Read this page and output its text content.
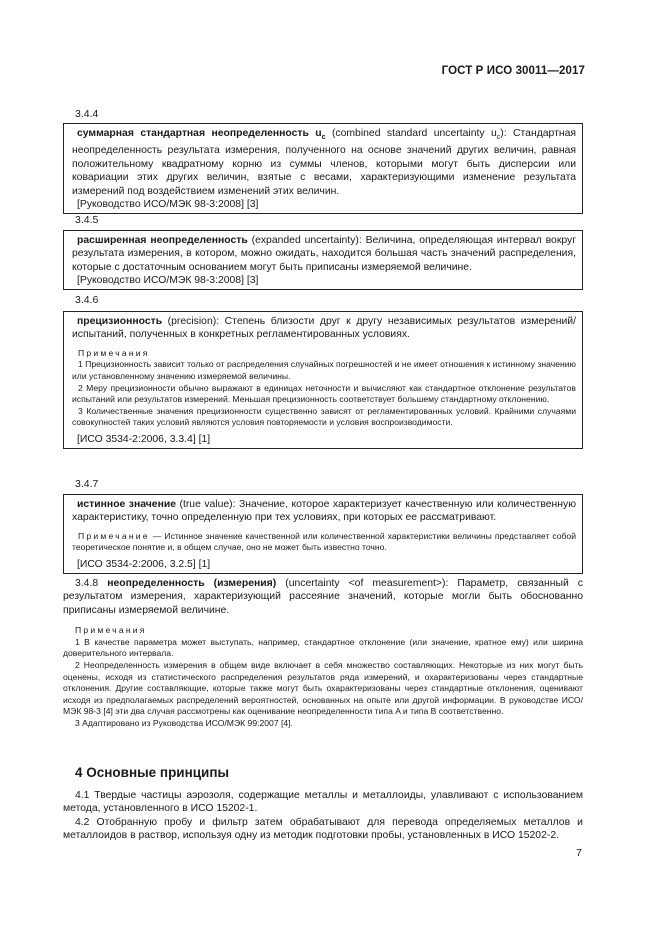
ГОСТ Р ИСО 30011—2017
3.4.4

суммарная стандартная неопределенность $u_c$ (combined standard uncertainty $u_c$): Стандартная неопределенность результата измерения, полученного на основе значений других величин, равная положительному квадратному корню из суммы членов, которыми могут быть дисперсии или ковариации этих других величин, взятые с весами, характеризующими изменение результата измерений под воздействием изменений этих величин.

[Руководство ИСО/МЭК 98-3:2008] [3]

3.4.5

расширенная неопределенность (expanded uncertainty): Величина, определяющая интервал вокруг результата измерения, в котором, можно ожидать, находится большая часть значений распределения, которые с достаточным основанием могут быть приписаны измеряемой величине.

[Руководство ИСО/МЭК 98-3:2008] [3]

3.4.6

прецизионность (precision): Степень близости друг к другу независимых результатов измерений/испытаний, полученных в конкретных регламентированных условиях.

Примечания

1 Прецизионность зависит только от распределения случайных погрешностей и не имеет отношения к истинному значению или установленному значению измеряемой величины.

2 Меру прецизионности обычно выражают в единицах неточности и вычисляют как стандартное отклонение результатов испытаний или результатов измерений. Меньшая прецизионность соответствует большему стандартному отклонению.

3 Количественные значения прецизионности существенно зависят от регламентированных условий. Крайними случаями совокупностей таких условий являются условия повторяемости и условия воспроизводимости.

[ИСО 3534-2:2006, 3.3.4] [1]

3.4.7

истинное значение (true value): Значение, которое характеризует качественную или количественную характеристику, точно определенную при тех условиях, при которых ее рассматривают.

Примечание — Истинное значение качественной или количественной характеристики величины представляет собой теоретическое понятие и, в общем случае, оно не может быть известно точно.

[ИСО 3534-2:2006, 3.2.5] [1]

3.4.8 неопределенность (измерения) (uncertainty <of measurement>): Параметр, связанный с результатом измерения, характеризующий рассеяние значений, которые могли быть обоснованно приписаны измеряемой величине.

Примечания

1 В качестве параметра может выступать, например, стандартное отклонение (или значение, кратное ему) или ширина доверительного интервала.

2 Неопределенность измерения в общем виде включает в себя множество составляющих. Некоторые из них могут быть оценены, исходя из статистического распределения результатов ряда измерений, и охарактеризованы через стандартные отклонения. Другие составляющие, которые также могут быть охарактеризованы через стандартные отклонения, оценивают исходя из предполагаемых распределений вероятностей, основанных на опыте или другой информации. В руководстве ИСО/МЭК 98-3 [4] эти два случая рассмотрены как оценивание неопределенности типа A и типа B соответственно.

3 Адаптировано из Руководства ИСО/МЭК 99:2007 [4].

4 Основные принципы

4.1 Твердые частицы аэрозоля, содержащие металлы и металлоиды, улавливают с использованием метода, установленного в ИСО 15202-1.

4.2 Отобранную пробу и фильтр затем обрабатывают для перевода определяемых металлов и металлоидов в раствор, используя одну из методик подготовки пробы, установленных в ИСО 15202-2.

7
